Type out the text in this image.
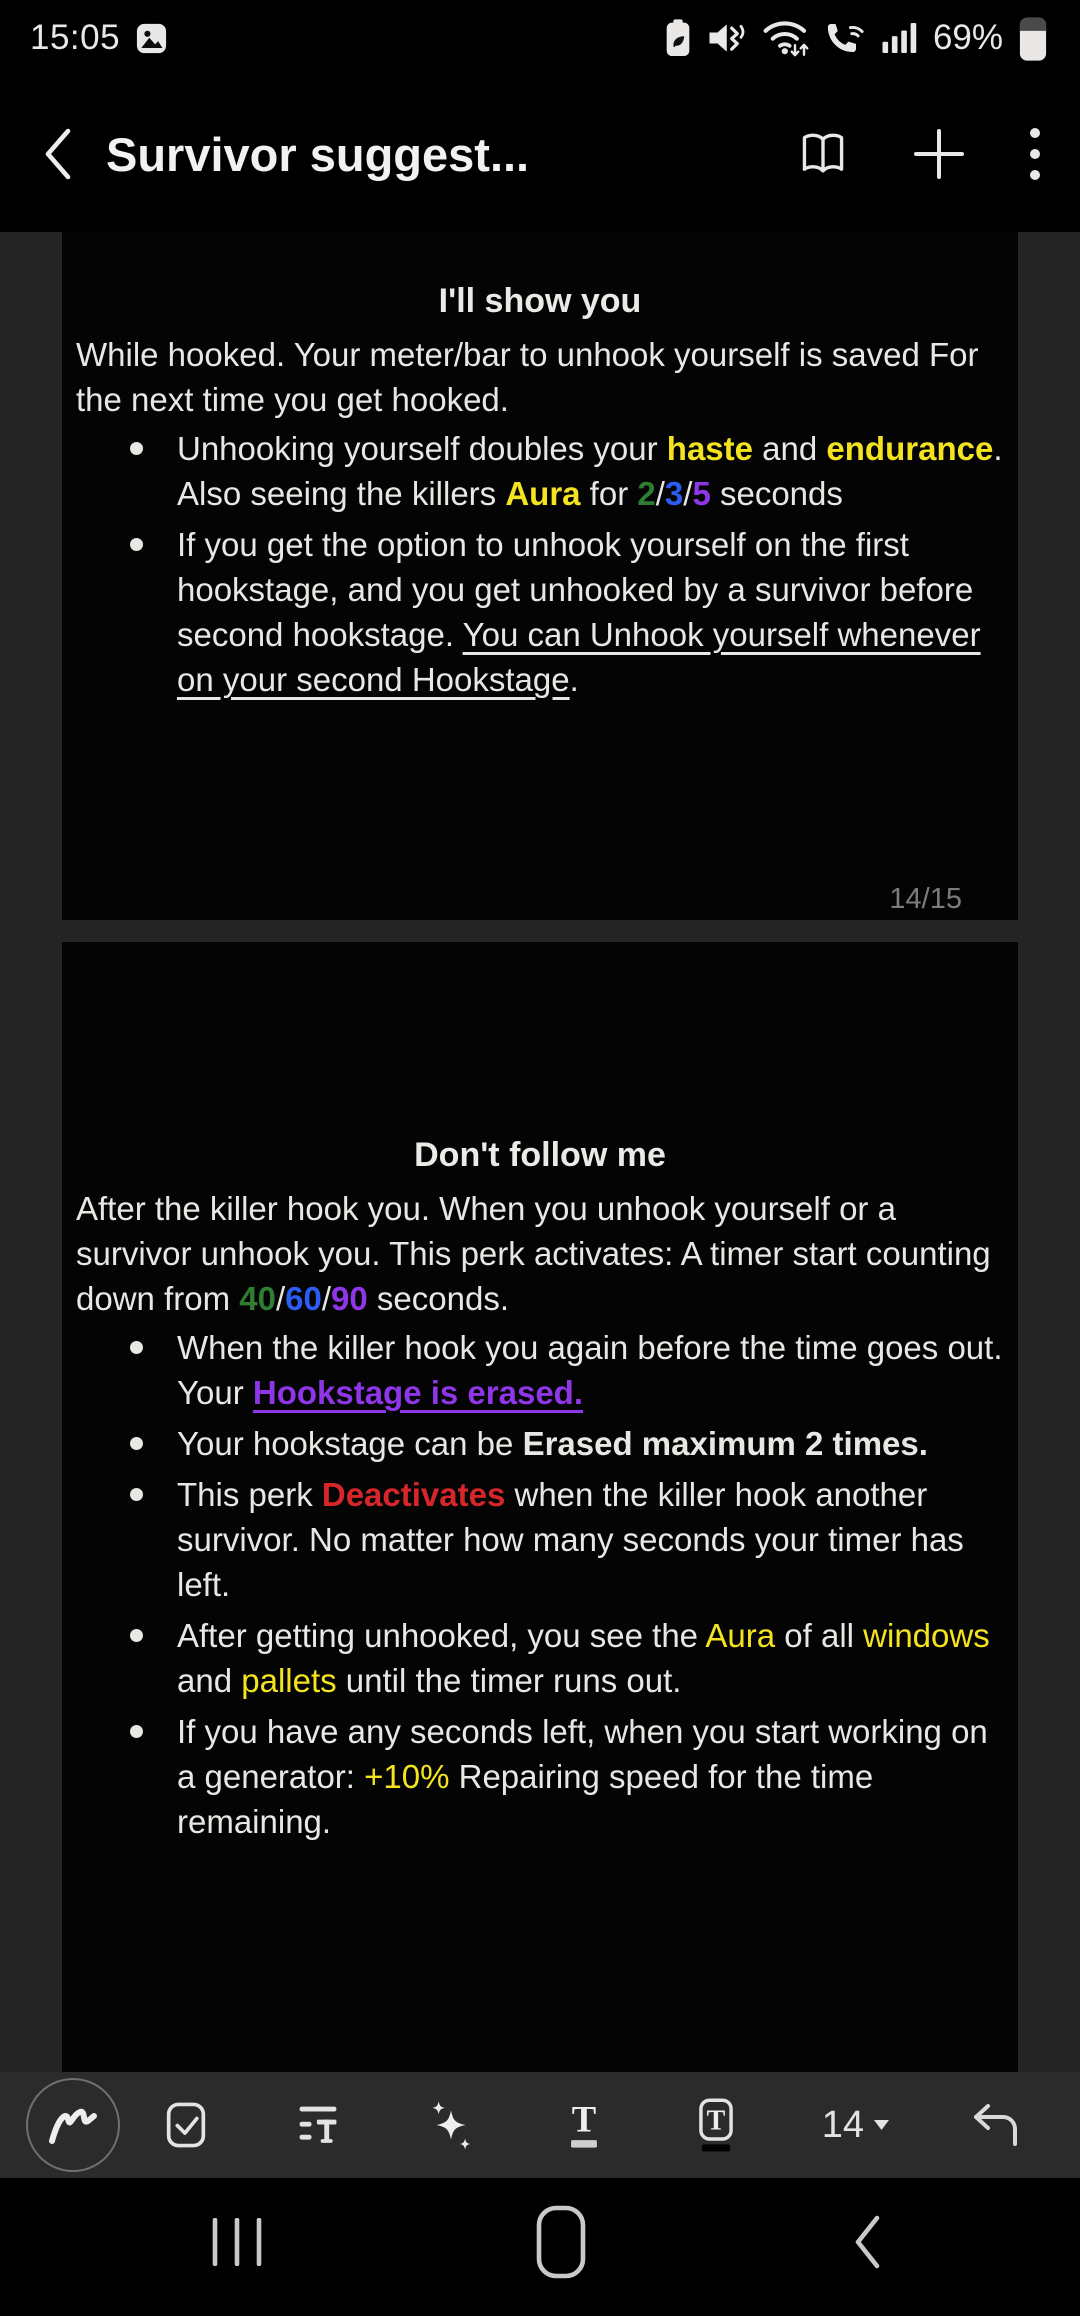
15:05	69%
Survivor suggest...
I'll show you

While hooked. Your meter/bar to unhook yourself is saved For the next time you get hooked.

Unhooking yourself doubles your haste and endurance. Also seeing the killers Aura for 2/3/5 seconds
If you get the option to unhook yourself on the first hookstage, and you get unhooked by a survivor before second hookstage. You can Unhook yourself whenever on your second Hookstage.
14/15
Don't follow me

After the killer hook you. When you unhook yourself or a survivor unhook you. This perk activates: A timer start counting down from 40/60/90 seconds.

When the killer hook you again before the time goes out. Your Hookstage is erased.
Your hookstage can be Erased maximum 2 times.
This perk Deactivates when the killer hook another survivor. No matter how many seconds your timer has left.
After getting unhooked, you see the Aura of all windows and pallets until the timer runs out.
If you have any seconds left, when you start working on a generator: +10% Repairing speed for the time remaining.
T	T	14
